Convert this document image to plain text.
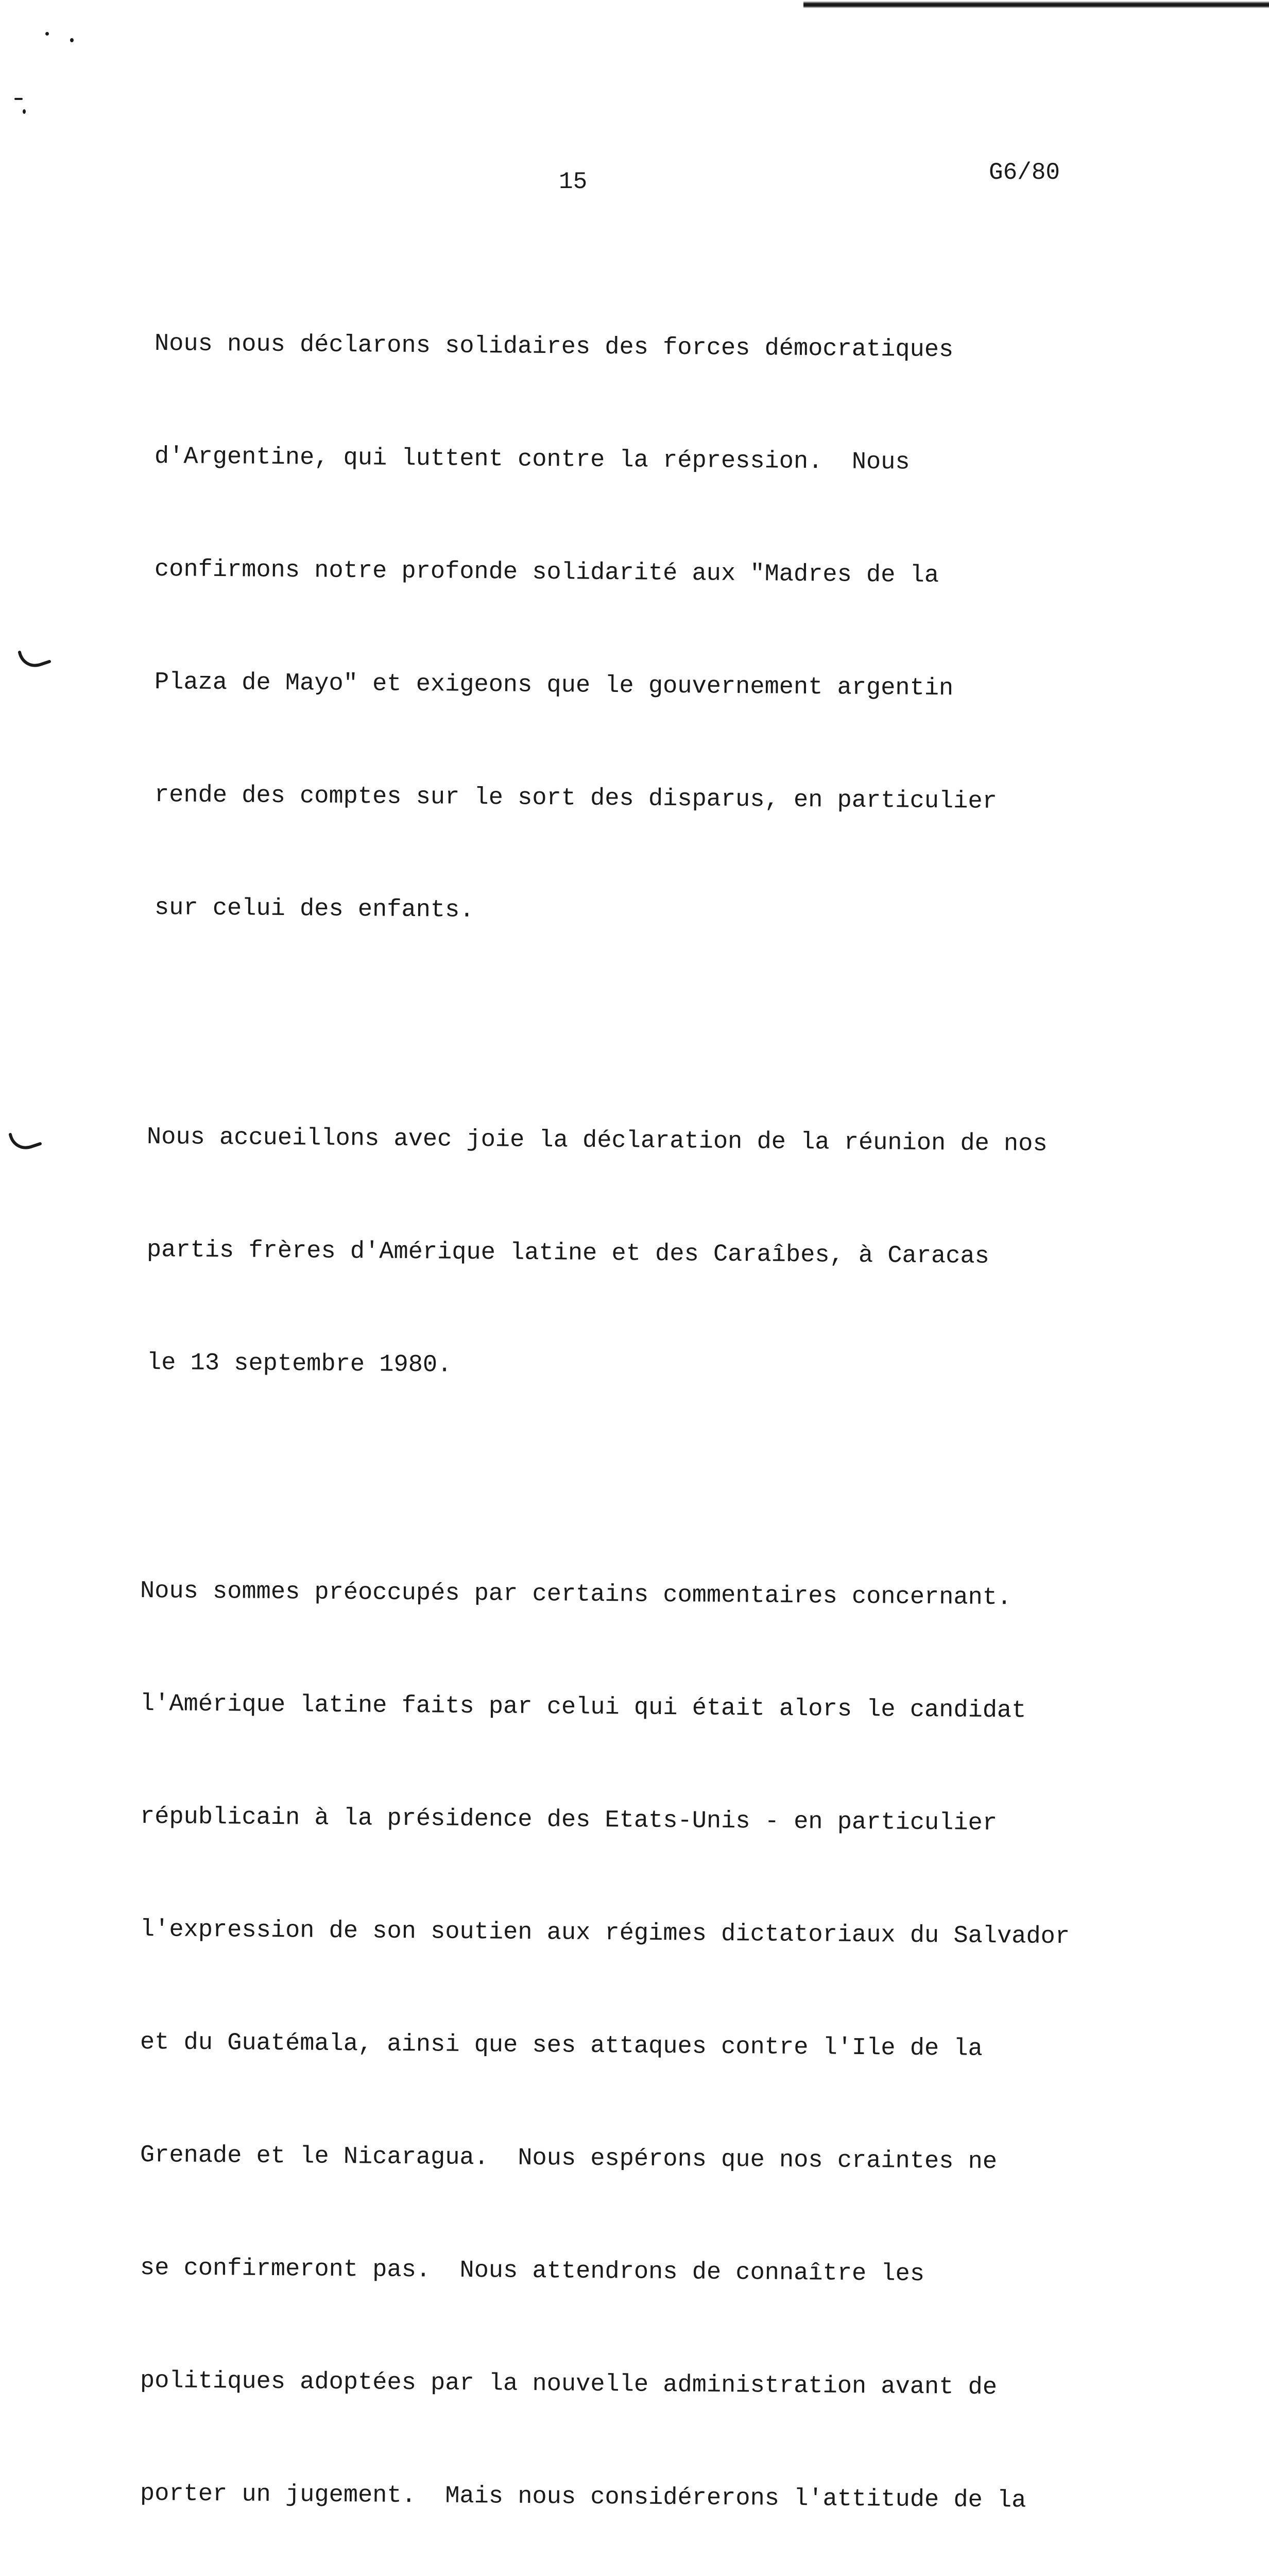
15	G6/80

Nous nous déclarons solidaires des forces démocratiques

d'Argentine, qui luttent contre la répression.  Nous

confirmons notre profonde solidarité aux "Madres de la

Plaza de Mayo" et exigeons que le gouvernement argentin

rende des comptes sur le sort des disparus, en particulier

sur celui des enfants.

Nous accueillons avec joie la déclaration de la réunion de nos

partis frères d'Amérique latine et des Caraîbes, à Caracas

le 13 septembre 1980.

Nous sommes préoccupés par certains commentaires concernant.

l'Amérique latine faits par celui qui était alors le candidat

républicain à la présidence des Etats-Unis - en particulier

l'expression de son soutien aux régimes dictatoriaux du Salvador

et du Guatémala, ainsi que ses attaques contre l'Ile de la

Grenade et le Nicaragua.  Nous espérons que nos craintes ne

se confirmeront pas.  Nous attendrons de connaître les

politiques adoptées par la nouvelle administration avant de

porter un jugement.  Mais nous considérerons l'attitude de la
